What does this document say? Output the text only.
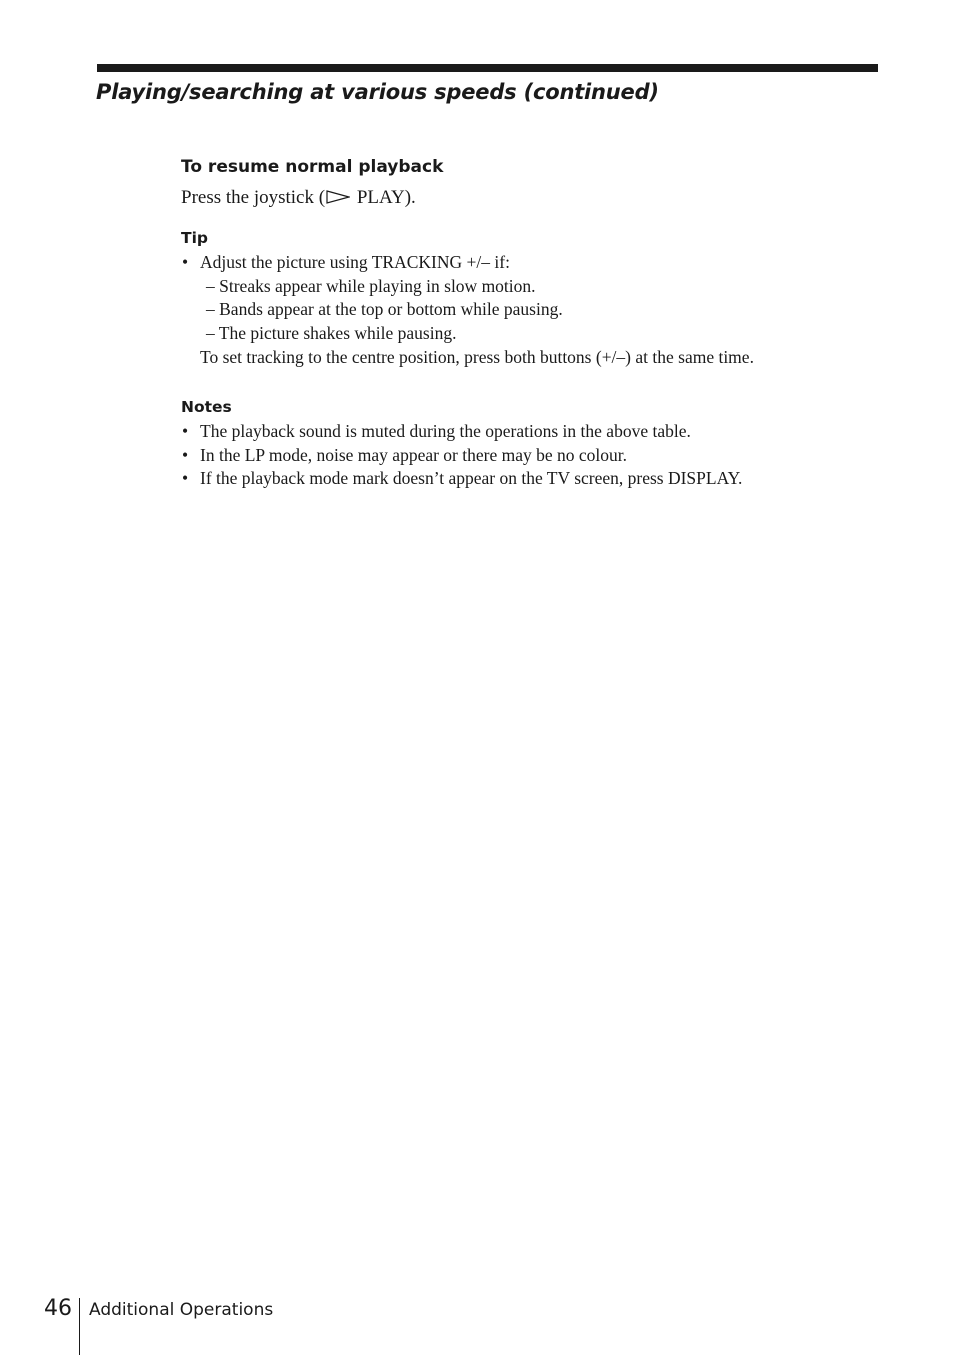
Playing/searching at various speeds (continued)
To resume normal playback

Press the joystick ( PLAY).

Tip
• Adjust the picture using TRACKING +/– if:

– Streaks appear while playing in slow motion.

– Bands appear at the top or bottom while pausing.

– The picture shakes while pausing.

To set tracking to the centre position, press both buttons (+/–) at the same time.

Notes
• The playback sound is muted during the operations in the above table.

• In the LP mode, noise may appear or there may be no colour.

• If the playback mode mark doesn’t appear on the TV screen, press DISPLAY.

46 Additional Operations
